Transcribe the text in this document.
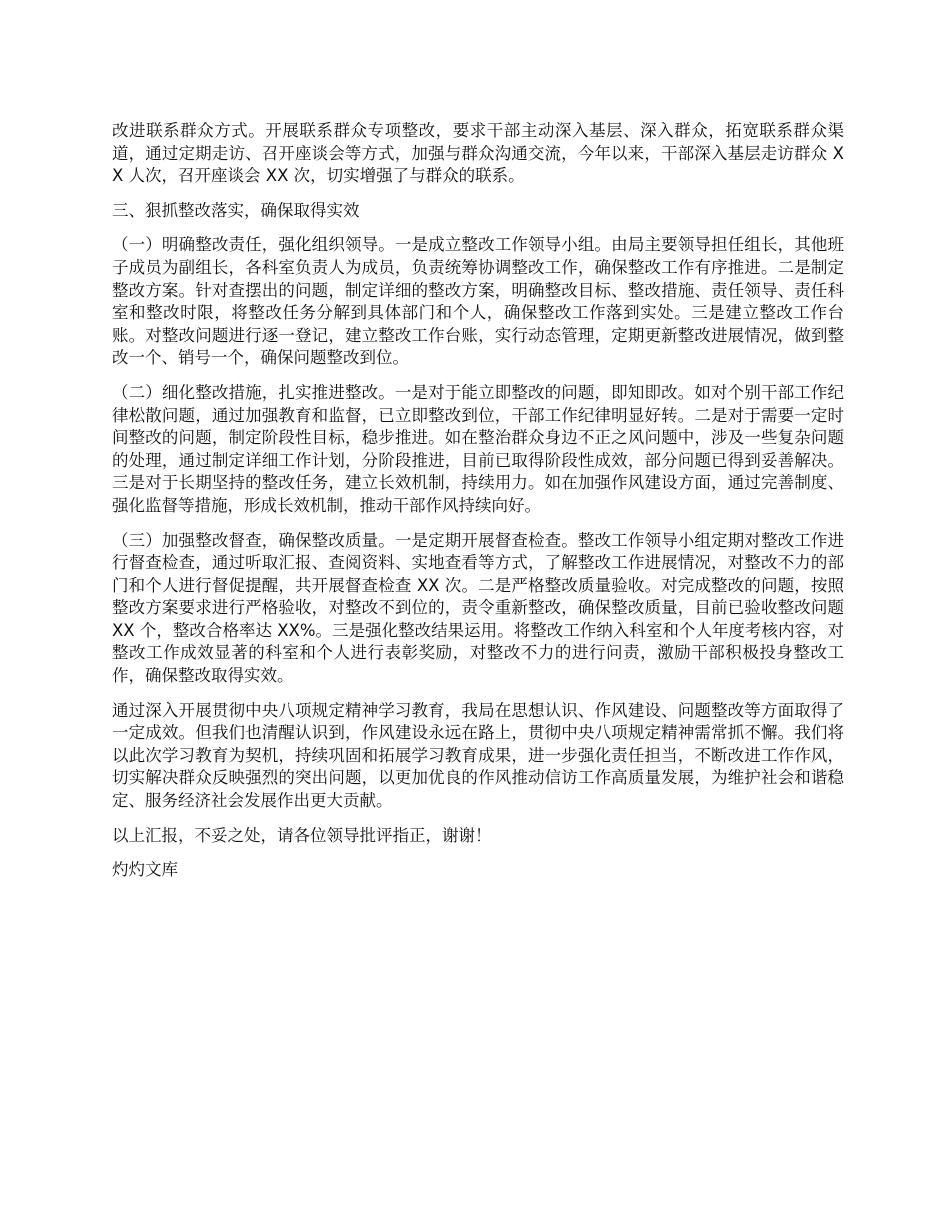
改进联系群众方式。开展联系群众专项整改，要求干部主动深入基层、深入群众，拓宽联系群众渠道，通过定期走访、召开座谈会等方式，加强与群众沟通交流，今年以来，干部深入基层走访群众 XX 人次，召开座谈会 XX 次，切实增强了与群众的联系。

三、狠抓整改落实，确保取得实效

（一）明确整改责任，强化组织领导。一是成立整改工作领导小组。由局主要领导担任组长，其他班子成员为副组长，各科室负责人为成员，负责统筹协调整改工作，确保整改工作有序推进。二是制定整改方案。针对查摆出的问题，制定详细的整改方案，明确整改目标、整改措施、责任领导、责任科室和整改时限，将整改任务分解到具体部门和个人，确保整改工作落到实处。三是建立整改工作台账。对整改问题进行逐一登记，建立整改工作台账，实行动态管理，定期更新整改进展情况，做到整改一个、销号一个，确保问题整改到位。

（二）细化整改措施，扎实推进整改。一是对于能立即整改的问题，即知即改。如对个别干部工作纪律松散问题，通过加强教育和监督，已立即整改到位，干部工作纪律明显好转。二是对于需要一定时间整改的问题，制定阶段性目标，稳步推进。如在整治群众身边不正之风问题中，涉及一些复杂问题的处理，通过制定详细工作计划，分阶段推进，目前已取得阶段性成效，部分问题已得到妥善解决。三是对于长期坚持的整改任务，建立长效机制，持续用力。如在加强作风建设方面，通过完善制度、强化监督等措施，形成长效机制，推动干部作风持续向好。

（三）加强整改督查，确保整改质量。一是定期开展督查检查。整改工作领导小组定期对整改工作进行督查检查，通过听取汇报、查阅资料、实地查看等方式，了解整改工作进展情况，对整改不力的部门和个人进行督促提醒，共开展督查检查 XX 次。二是严格整改质量验收。对完成整改的问题，按照整改方案要求进行严格验收，对整改不到位的，责令重新整改，确保整改质量，目前已验收整改问题 XX 个，整改合格率达 XX%。三是强化整改结果运用。将整改工作纳入科室和个人年度考核内容，对整改工作成效显著的科室和个人进行表彰奖励，对整改不力的进行问责，激励干部积极投身整改工作，确保整改取得实效。

通过深入开展贯彻中央八项规定精神学习教育，我局在思想认识、作风建设、问题整改等方面取得了一定成效。但我们也清醒认识到，作风建设永远在路上，贯彻中央八项规定精神需常抓不懈。我们将以此次学习教育为契机，持续巩固和拓展学习教育成果，进一步强化责任担当，不断改进工作作风，切实解决群众反映强烈的突出问题，以更加优良的作风推动信访工作高质量发展，为维护社会和谐稳定、服务经济社会发展作出更大贡献。

以上汇报，不妥之处，请各位领导批评指正，谢谢！

灼灼文库
